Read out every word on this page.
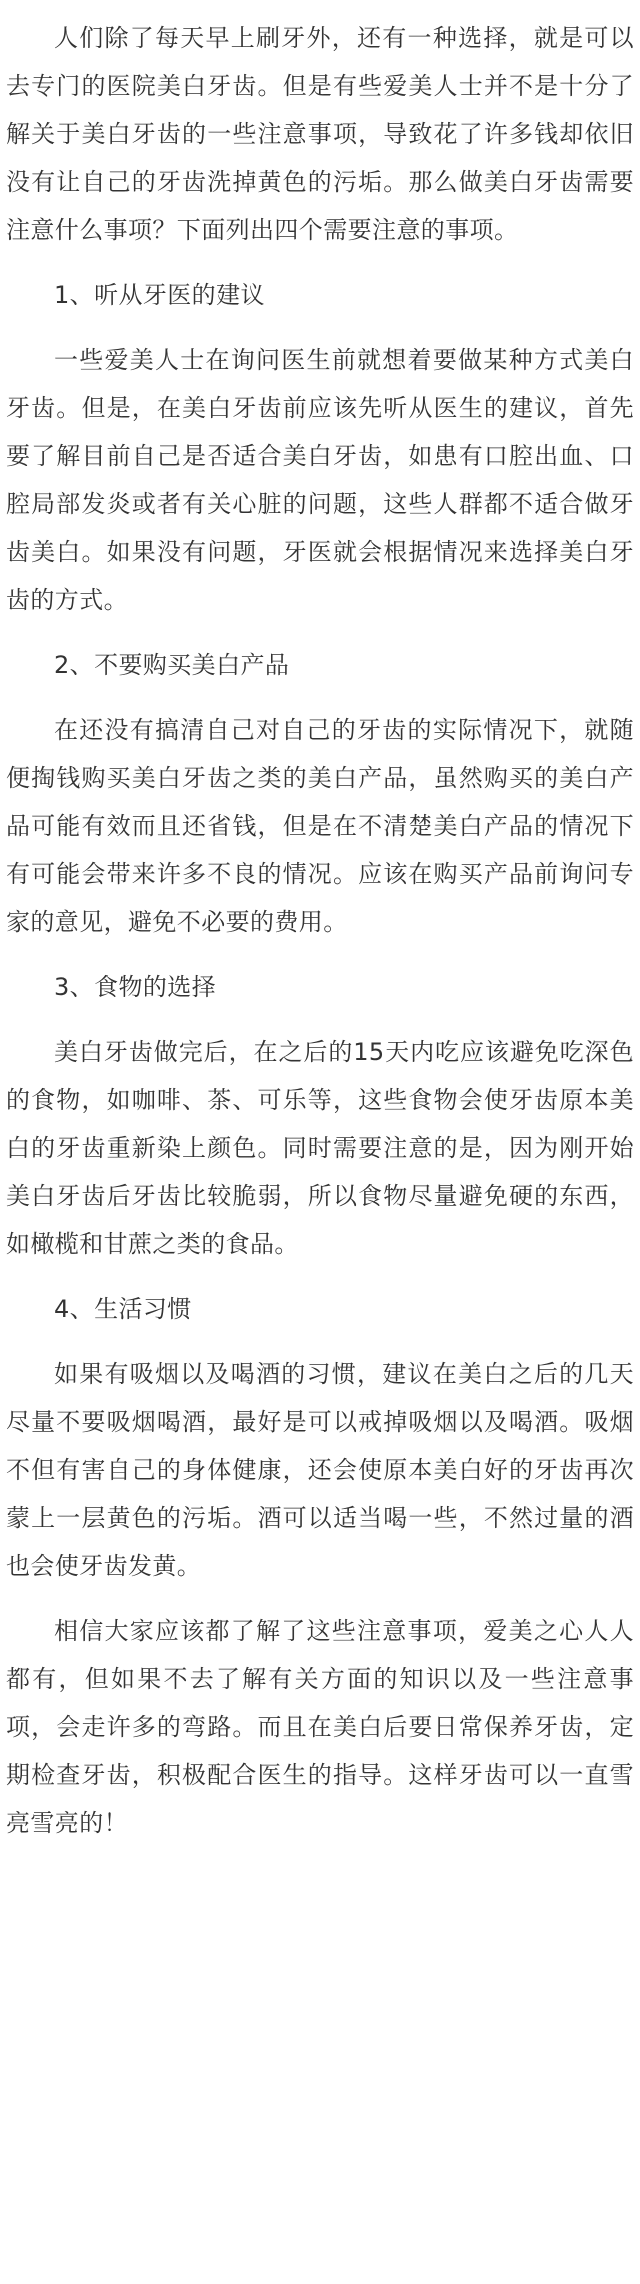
人们除了每天早上刷牙外，还有一种选择，就是可以去专门的医院美白牙齿。但是有些爱美人士并不是十分了解关于美白牙齿的一些注意事项，导致花了许多钱却依旧没有让自己的牙齿洗掉黄色的污垢。那么做美白牙齿需要注意什么事项？下面列出四个需要注意的事项。

1、听从牙医的建议

一些爱美人士在询问医生前就想着要做某种方式美白牙齿。但是，在美白牙齿前应该先听从医生的建议，首先要了解目前自己是否适合美白牙齿，如患有口腔出血、口腔局部发炎或者有关心脏的问题，这些人群都不适合做牙齿美白。如果没有问题，牙医就会根据情况来选择美白牙齿的方式。

2、不要购买美白产品

在还没有搞清自己对自己的牙齿的实际情况下，就随便掏钱购买美白牙齿之类的美白产品，虽然购买的美白产品可能有效而且还省钱，但是在不清楚美白产品的情况下有可能会带来许多不良的情况。应该在购买产品前询问专家的意见，避免不必要的费用。

3、食物的选择

美白牙齿做完后，在之后的15天内吃应该避免吃深色的食物，如咖啡、茶、可乐等，这些食物会使牙齿原本美白的牙齿重新染上颜色。同时需要注意的是，因为刚开始美白牙齿后牙齿比较脆弱，所以食物尽量避免硬的东西，如橄榄和甘蔗之类的食品。

4、生活习惯

如果有吸烟以及喝酒的习惯，建议在美白之后的几天尽量不要吸烟喝酒，最好是可以戒掉吸烟以及喝酒。吸烟不但有害自己的身体健康，还会使原本美白好的牙齿再次蒙上一层黄色的污垢。酒可以适当喝一些，不然过量的酒也会使牙齿发黄。

相信大家应该都了解了这些注意事项，爱美之心人人都有，但如果不去了解有关方面的知识以及一些注意事项，会走许多的弯路。而且在美白后要日常保养牙齿，定期检查牙齿，积极配合医生的指导。这样牙齿可以一直雪亮雪亮的！
